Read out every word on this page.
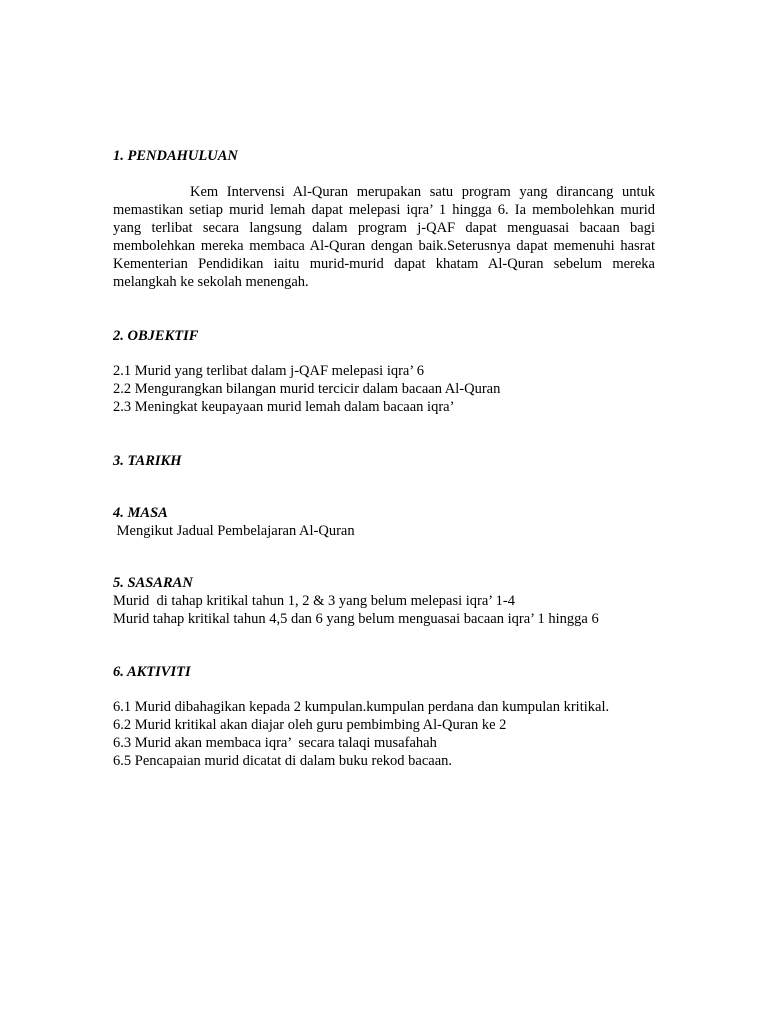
1. PENDAHULUAN

Kem Intervensi Al-Quran merupakan satu program yang dirancang untuk memastikan setiap murid lemah dapat melepasi iqra’ 1 hingga 6. Ia membolehkan murid yang terlibat secara langsung dalam program j-QAF dapat menguasai bacaan bagi membolehkan mereka membaca Al-Quran dengan baik.Seterusnya dapat memenuhi hasrat Kementerian Pendidikan iaitu murid-murid dapat khatam Al-Quran sebelum mereka melangkah ke sekolah menengah.

2. OBJEKTIF

2.1 Murid yang terlibat dalam j-QAF melepasi iqra’ 6

2.2 Mengurangkan bilangan murid tercicir dalam bacaan Al-Quran

2.3 Meningkat keupayaan murid lemah dalam bacaan iqra’

3. TARIKH

4. MASA

Mengikut Jadual Pembelajaran Al-Quran

5. SASARAN

Murid  di tahap kritikal tahun 1, 2 & 3 yang belum melepasi iqra’ 1-4

Murid tahap kritikal tahun 4,5 dan 6 yang belum menguasai bacaan iqra’ 1 hingga 6

6. AKTIVITI

6.1 Murid dibahagikan kepada 2 kumpulan.kumpulan perdana dan kumpulan kritikal.

6.2 Murid kritikal akan diajar oleh guru pembimbing Al-Quran ke 2

6.3 Murid akan membaca iqra’  secara talaqi musafahah

6.5 Pencapaian murid dicatat di dalam buku rekod bacaan.
